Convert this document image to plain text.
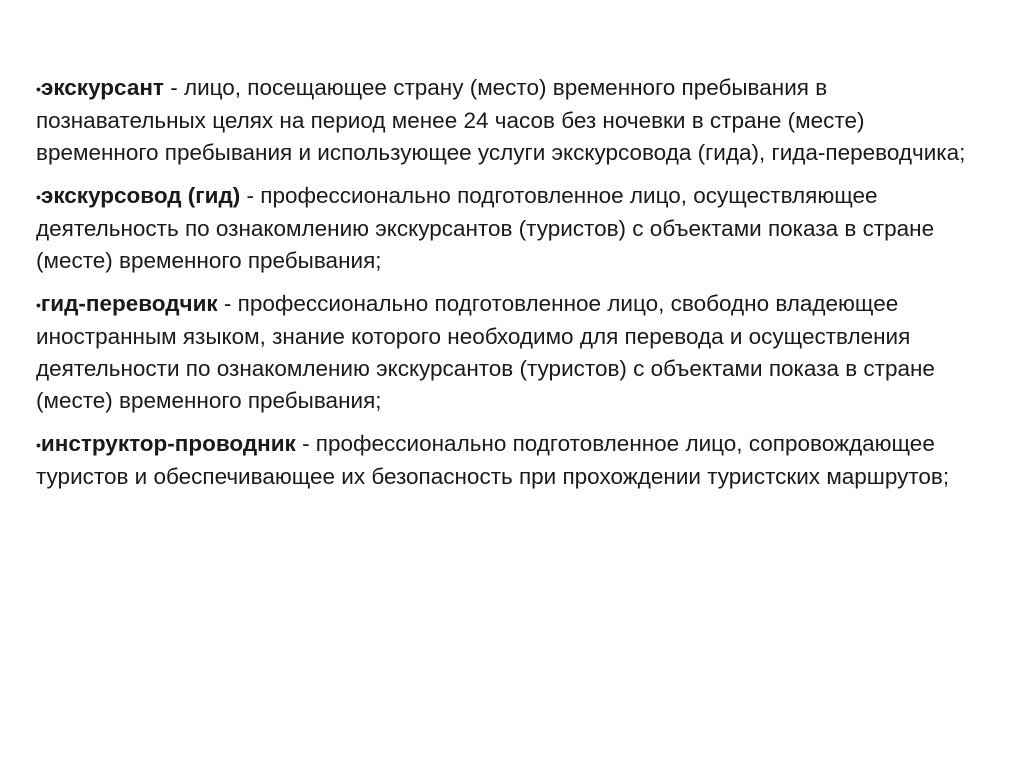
•экскурсант - лицо, посещающее страну (место) временного пребывания в познавательных целях на период менее 24 часов без ночевки в стране (месте) временного пребывания и использующее услуги экскурсовода (гида), гида-переводчика;
•экскурсовод (гид) - профессионально подготовленное лицо, осуществляющее деятельность по ознакомлению экскурсантов (туристов) с объектами показа в стране (месте) временного пребывания;
•гид-переводчик - профессионально подготовленное лицо, свободно владеющее иностранным языком, знание которого необходимо для перевода и осуществления деятельности по ознакомлению экскурсантов (туристов) с объектами показа в стране (месте) временного пребывания;
•инструктор-проводник - профессионально подготовленное лицо, сопровождающее туристов и обеспечивающее их безопасность при прохождении туристских маршрутов;
